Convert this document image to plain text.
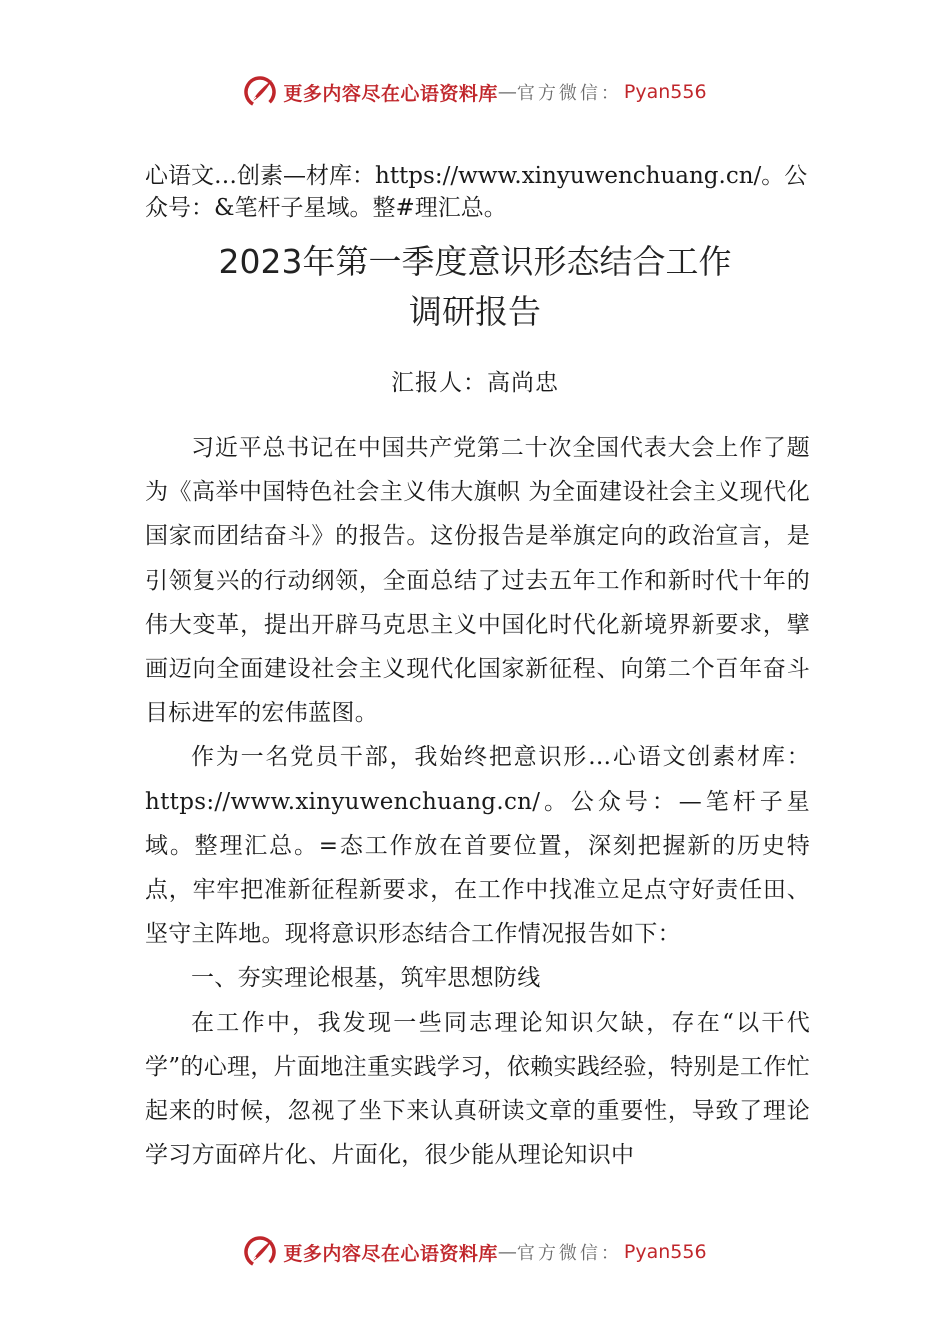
更多内容尽在心语资料库 — 官方微信： Pyan556
心语文…创素—材库：https://www.xinyuwenchuang.cn/。公众号：&笔杆子星域。整#理汇总。
2023年第一季度意识形态结合工作
调研报告
汇报人：高尚忠

习近平总书记在中国共产党第二十次全国代表大会上作了题为《高举中国特色社会主义伟大旗帜 为全面建设社会主义现代化国家而团结奋斗》的报告。这份报告是举旗定向的政治宣言，是引领复兴的行动纲领，全面总结了过去五年工作和新时代十年的伟大变革，提出开辟马克思主义中国化时代化新境界新要求，擘画迈向全面建设社会主义现代化国家新征程、向第二个百年奋斗目标进军的宏伟蓝图。

作为一名党员干部，我始终把意识形…心语文创素材库：https://www.xinyuwenchuang.cn/。公众号：—笔杆子星域。整理汇总。=态工作放在首要位置，深刻把握新的历史特点，牢牢把准新征程新要求，在工作中找准立足点守好责任田、坚守主阵地。现将意识形态结合工作情况报告如下：

一、夯实理论根基，筑牢思想防线

在工作中，我发现一些同志理论知识欠缺，存在“以干代学”的心理，片面地注重实践学习，依赖实践经验，特别是工作忙起来的时候，忽视了坐下来认真研读文章的重要性，导致了理论学习方面碎片化、片面化，很少能从理论知识中

更多内容尽在心语资料库 — 官方微信： Pyan556
